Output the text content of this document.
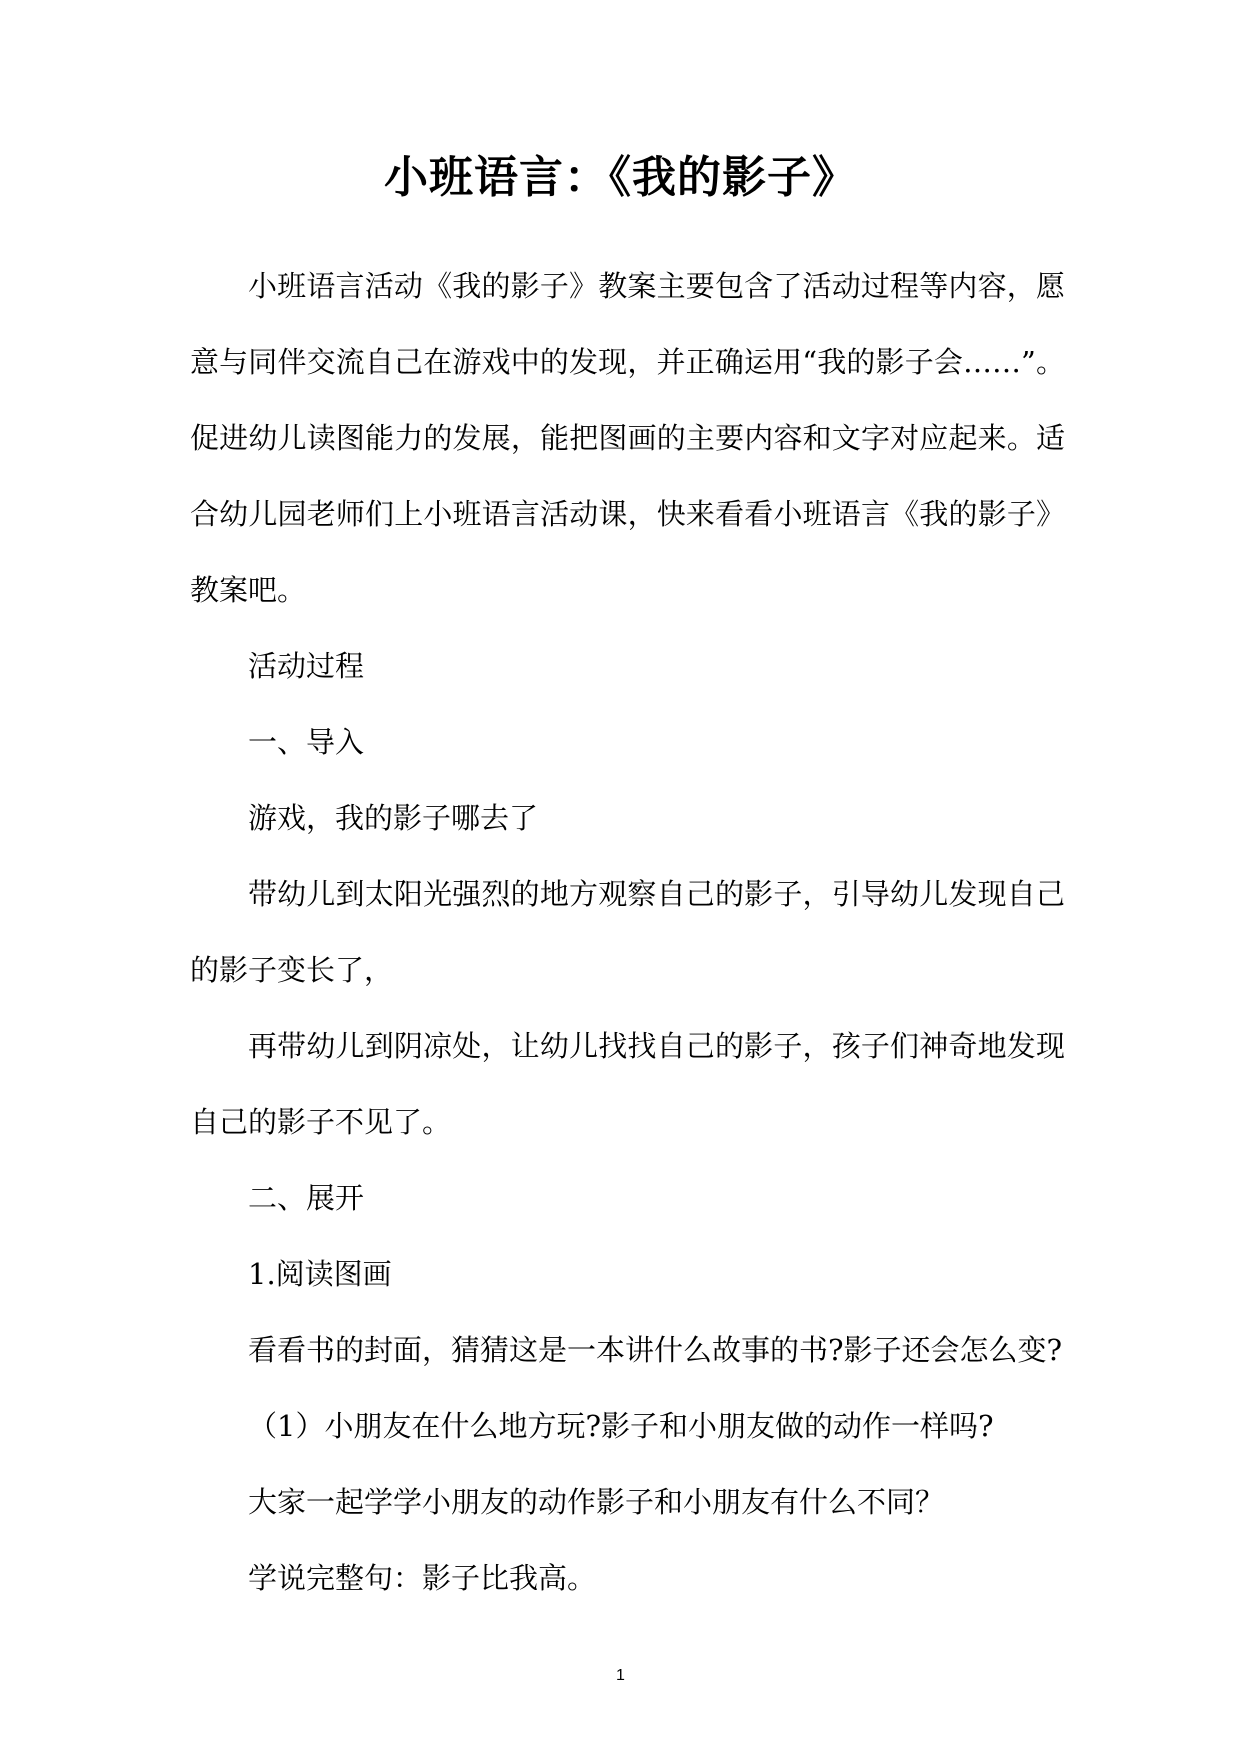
小班语言：《我的影子》
小班语言活动《我的影子》教案主要包含了活动过程等内容，愿
意与同伴交流自己在游戏中的发现，并正确运用“我的影子会……”。
促进幼儿读图能力的发展，能把图画的主要内容和文字对应起来。适
合幼儿园老师们上小班语言活动课，快来看看小班语言《我的影子》
教案吧。
活动过程
一、导入
游戏，我的影子哪去了
带幼儿到太阳光强烈的地方观察自己的影子，引导幼儿发现自己
的影子变长了，
再带幼儿到阴凉处，让幼儿找找自己的影子，孩子们神奇地发现
自己的影子不见了。
二、展开
1.阅读图画
看看书的封面，猜猜这是一本讲什么故事的书?影子还会怎么变?
（1）小朋友在什么地方玩?影子和小朋友做的动作一样吗?
大家一起学学小朋友的动作影子和小朋友有什么不同？
学说完整句：影子比我高。
1
